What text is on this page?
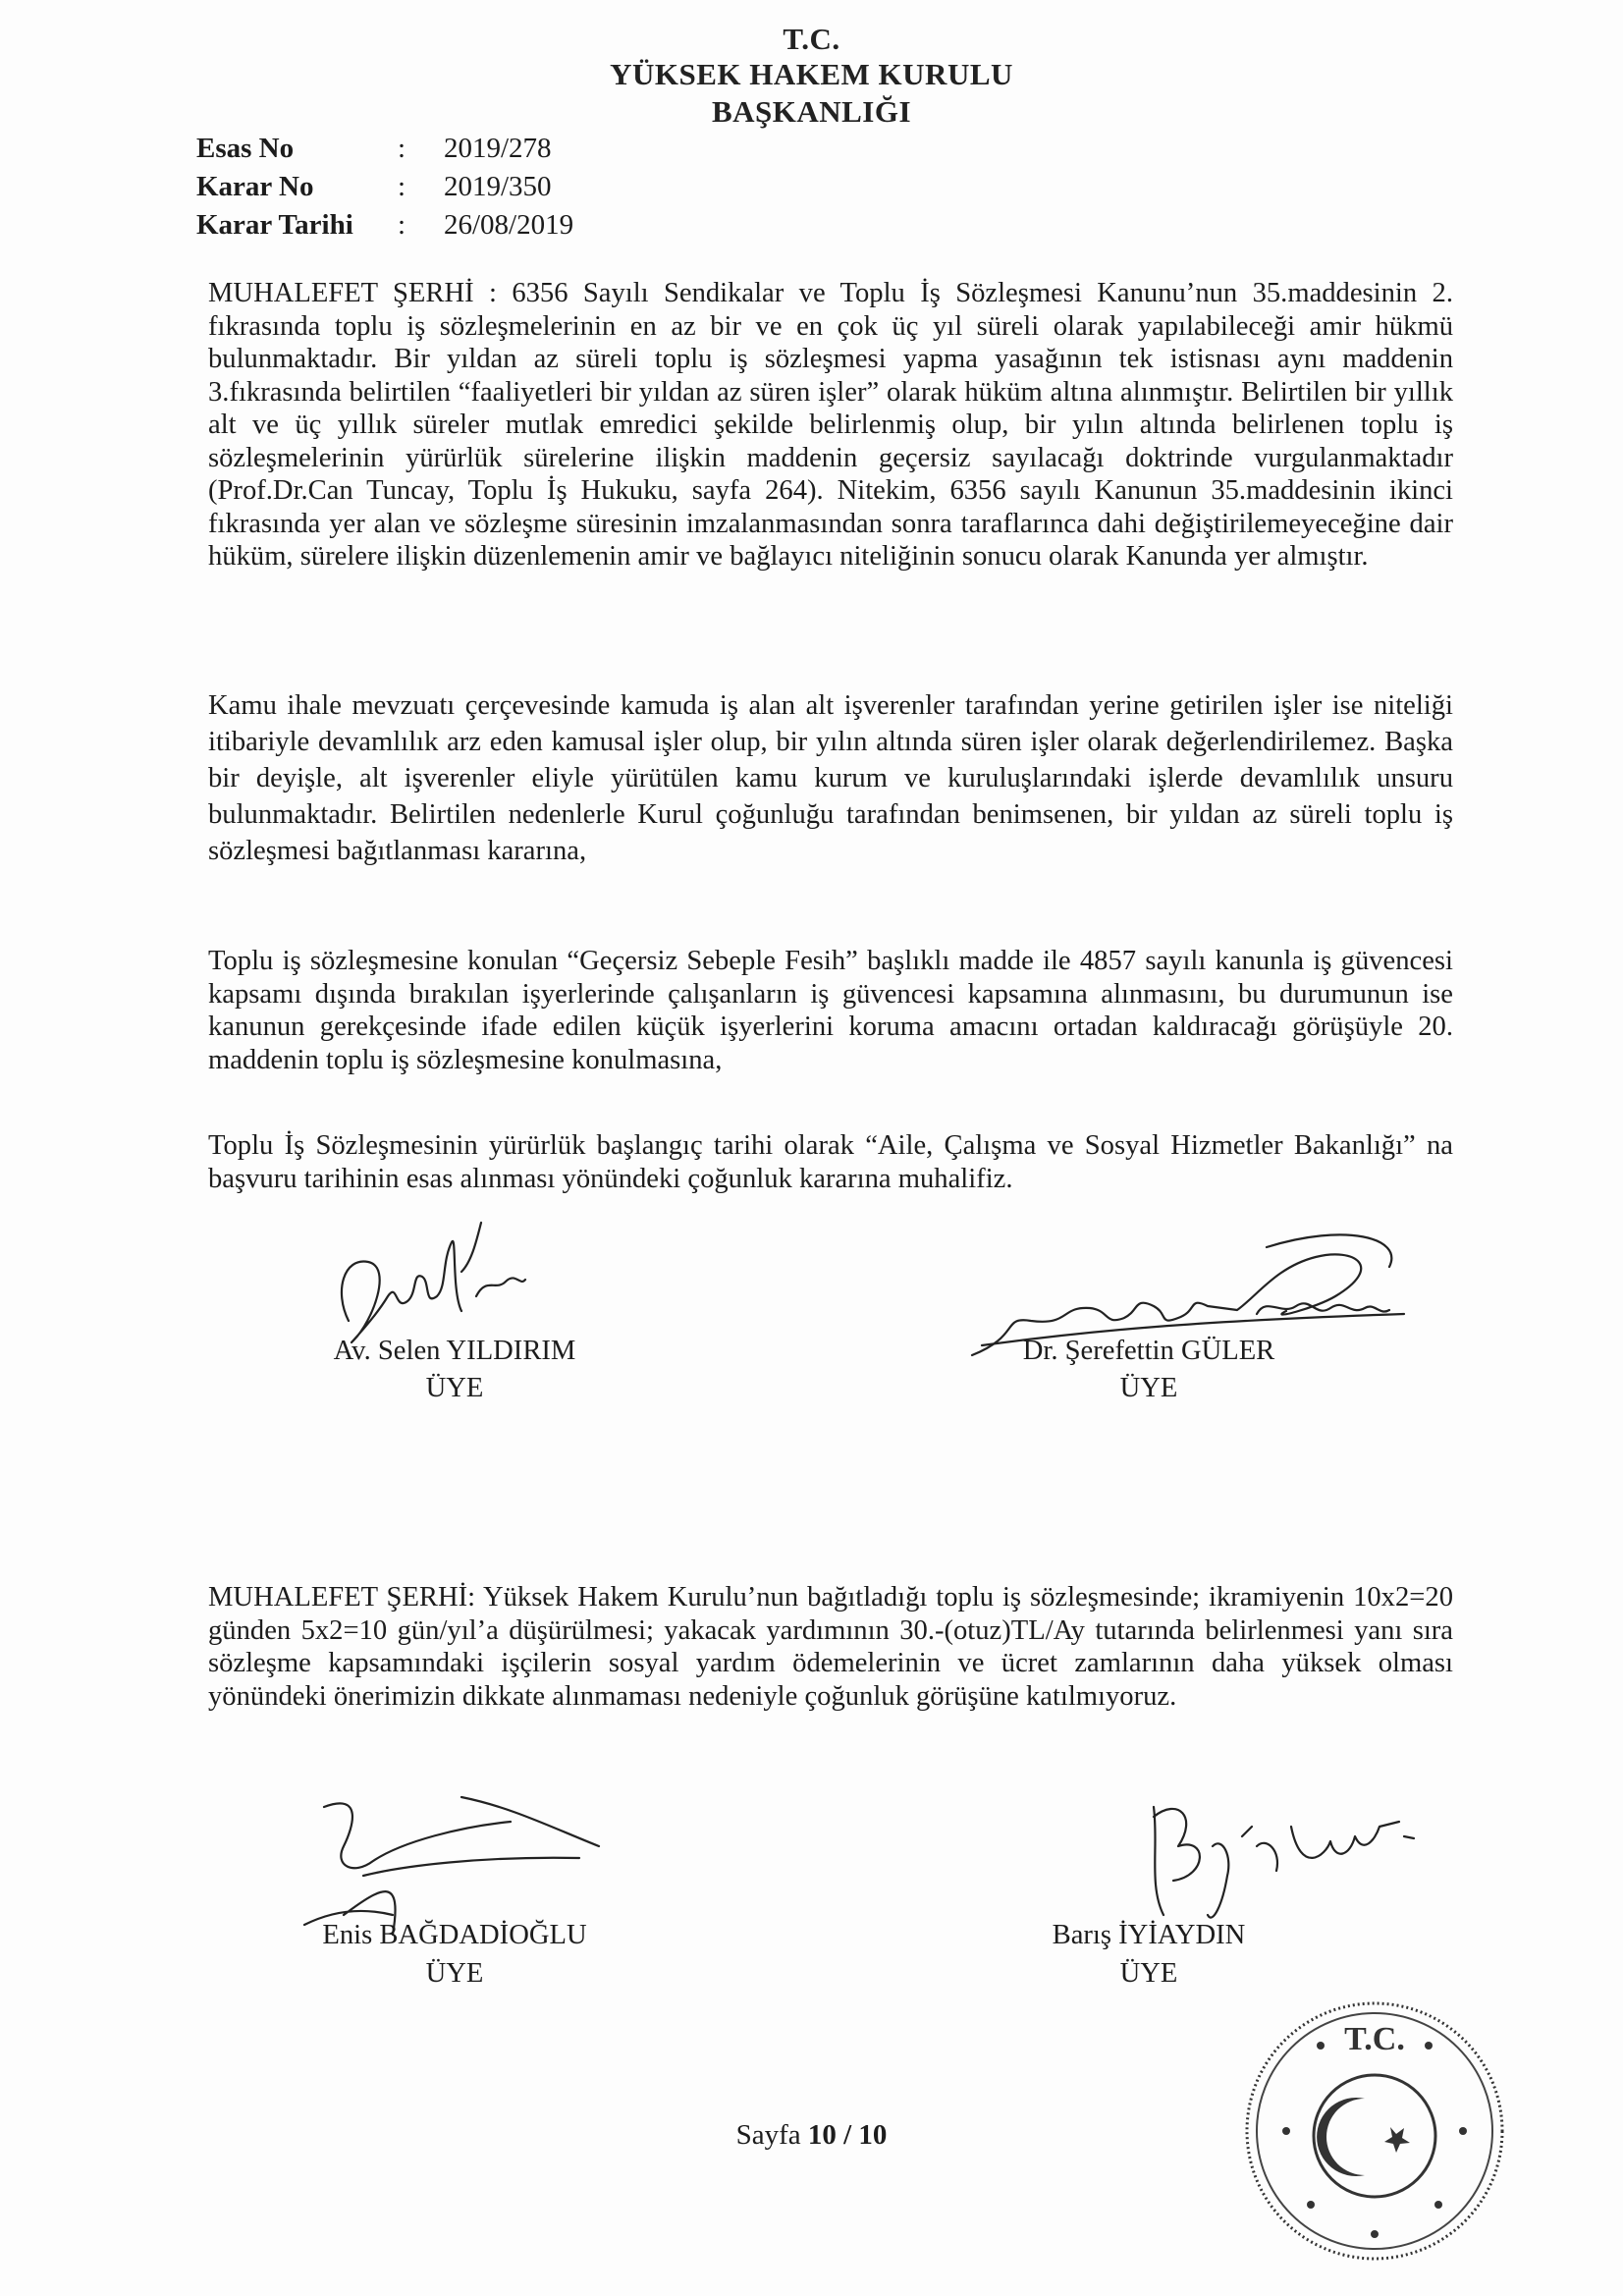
T.C.
YÜKSEK HAKEM KURULU
BAŞKANLIĞI
Esas No	: 2019/278
Karar No	: 2019/350
Karar Tarihi : 26/08/2019
MUHALEFET ŞERHİ : 6356 Sayılı Sendikalar ve Toplu İş Sözleşmesi Kanunu’nun 35.maddesinin 2. fıkrasında toplu iş sözleşmelerinin en az bir ve en çok üç yıl süreli olarak yapılabileceği amir hükmü bulunmaktadır. Bir yıldan az süreli toplu iş sözleşmesi yapma yasağının tek istisnası aynı maddenin 3.fıkrasında belirtilen “faaliyetleri bir yıldan az süren işler” olarak hüküm altına alınmıştır. Belirtilen bir yıllık alt ve üç yıllık süreler mutlak emredici şekilde belirlenmiş olup, bir yılın altında belirlenen toplu iş sözleşmelerinin yürürlük sürelerine ilişkin maddenin geçersiz sayılacağı doktrinde vurgulanmaktadır (Prof.Dr.Can Tuncay, Toplu İş Hukuku, sayfa 264). Nitekim, 6356 sayılı Kanunun 35.maddesinin ikinci fıkrasında yer alan ve sözleşme süresinin imzalanmasından sonra taraflarınca dahi değiştirilemeyeceğine dair hüküm, sürelere ilişkin düzenlemenin amir ve bağlayıcı niteliğinin sonucu olarak Kanunda yer almıştır.
Kamu ihale mevzuatı çerçevesinde kamuda iş alan alt işverenler tarafından yerine getirilen işler ise niteliği itibariyle devamlılık arz eden kamusal işler olup, bir yılın altında süren işler olarak değerlendirilemez. Başka bir deyişle, alt işverenler eliyle yürütülen kamu kurum ve kuruluşlarındaki işlerde devamlılık unsuru bulunmaktadır. Belirtilen nedenlerle Kurul çoğunluğu tarafından benimsenen, bir yıldan az süreli toplu iş sözleşmesi bağıtlanması kararına,
Toplu iş sözleşmesine konulan “Geçersiz Sebeple Fesih” başlıklı madde ile 4857 sayılı kanunla iş güvencesi kapsamı dışında bırakılan işyerlerinde çalışanların iş güvencesi kapsamına alınmasını, bu durumunun ise kanunun gerekçesinde ifade edilen küçük işyerlerini koruma amacını ortadan kaldıracağı görüşüyle 20. maddenin toplu iş sözleşmesine konulmasına,
Toplu İş Sözleşmesinin yürürlük başlangıç tarihi olarak “Aile, Çalışma ve Sosyal Hizmetler Bakanlığı” na başvuru tarihinin esas alınması yönündeki çoğunluk kararına muhalifiz.
Av. Selen YILDIRIM
ÜYE
Dr. Şerefettin GÜLER
ÜYE
MUHALEFET ŞERHİ: Yüksek Hakem Kurulu’nun bağıtladığı toplu iş sözleşmesinde; ikramiyenin 10x2=20 günden 5x2=10 gün/yıl’a düşürülmesi; yakacak yardımının 30.-(otuz)TL/Ay tutarında belirlenmesi yanı sıra sözleşme kapsamındaki işçilerin sosyal yardım ödemelerinin ve ücret zamlarının daha yüksek olması yönündeki önerimizin dikkate alınmaması nedeniyle çoğunluk görüşüne katılmıyoruz.
Enis BAĞDADİOĞLU
ÜYE
Barış İYİAYDIN
ÜYE
T.C.
Sayfa 10 / 10
